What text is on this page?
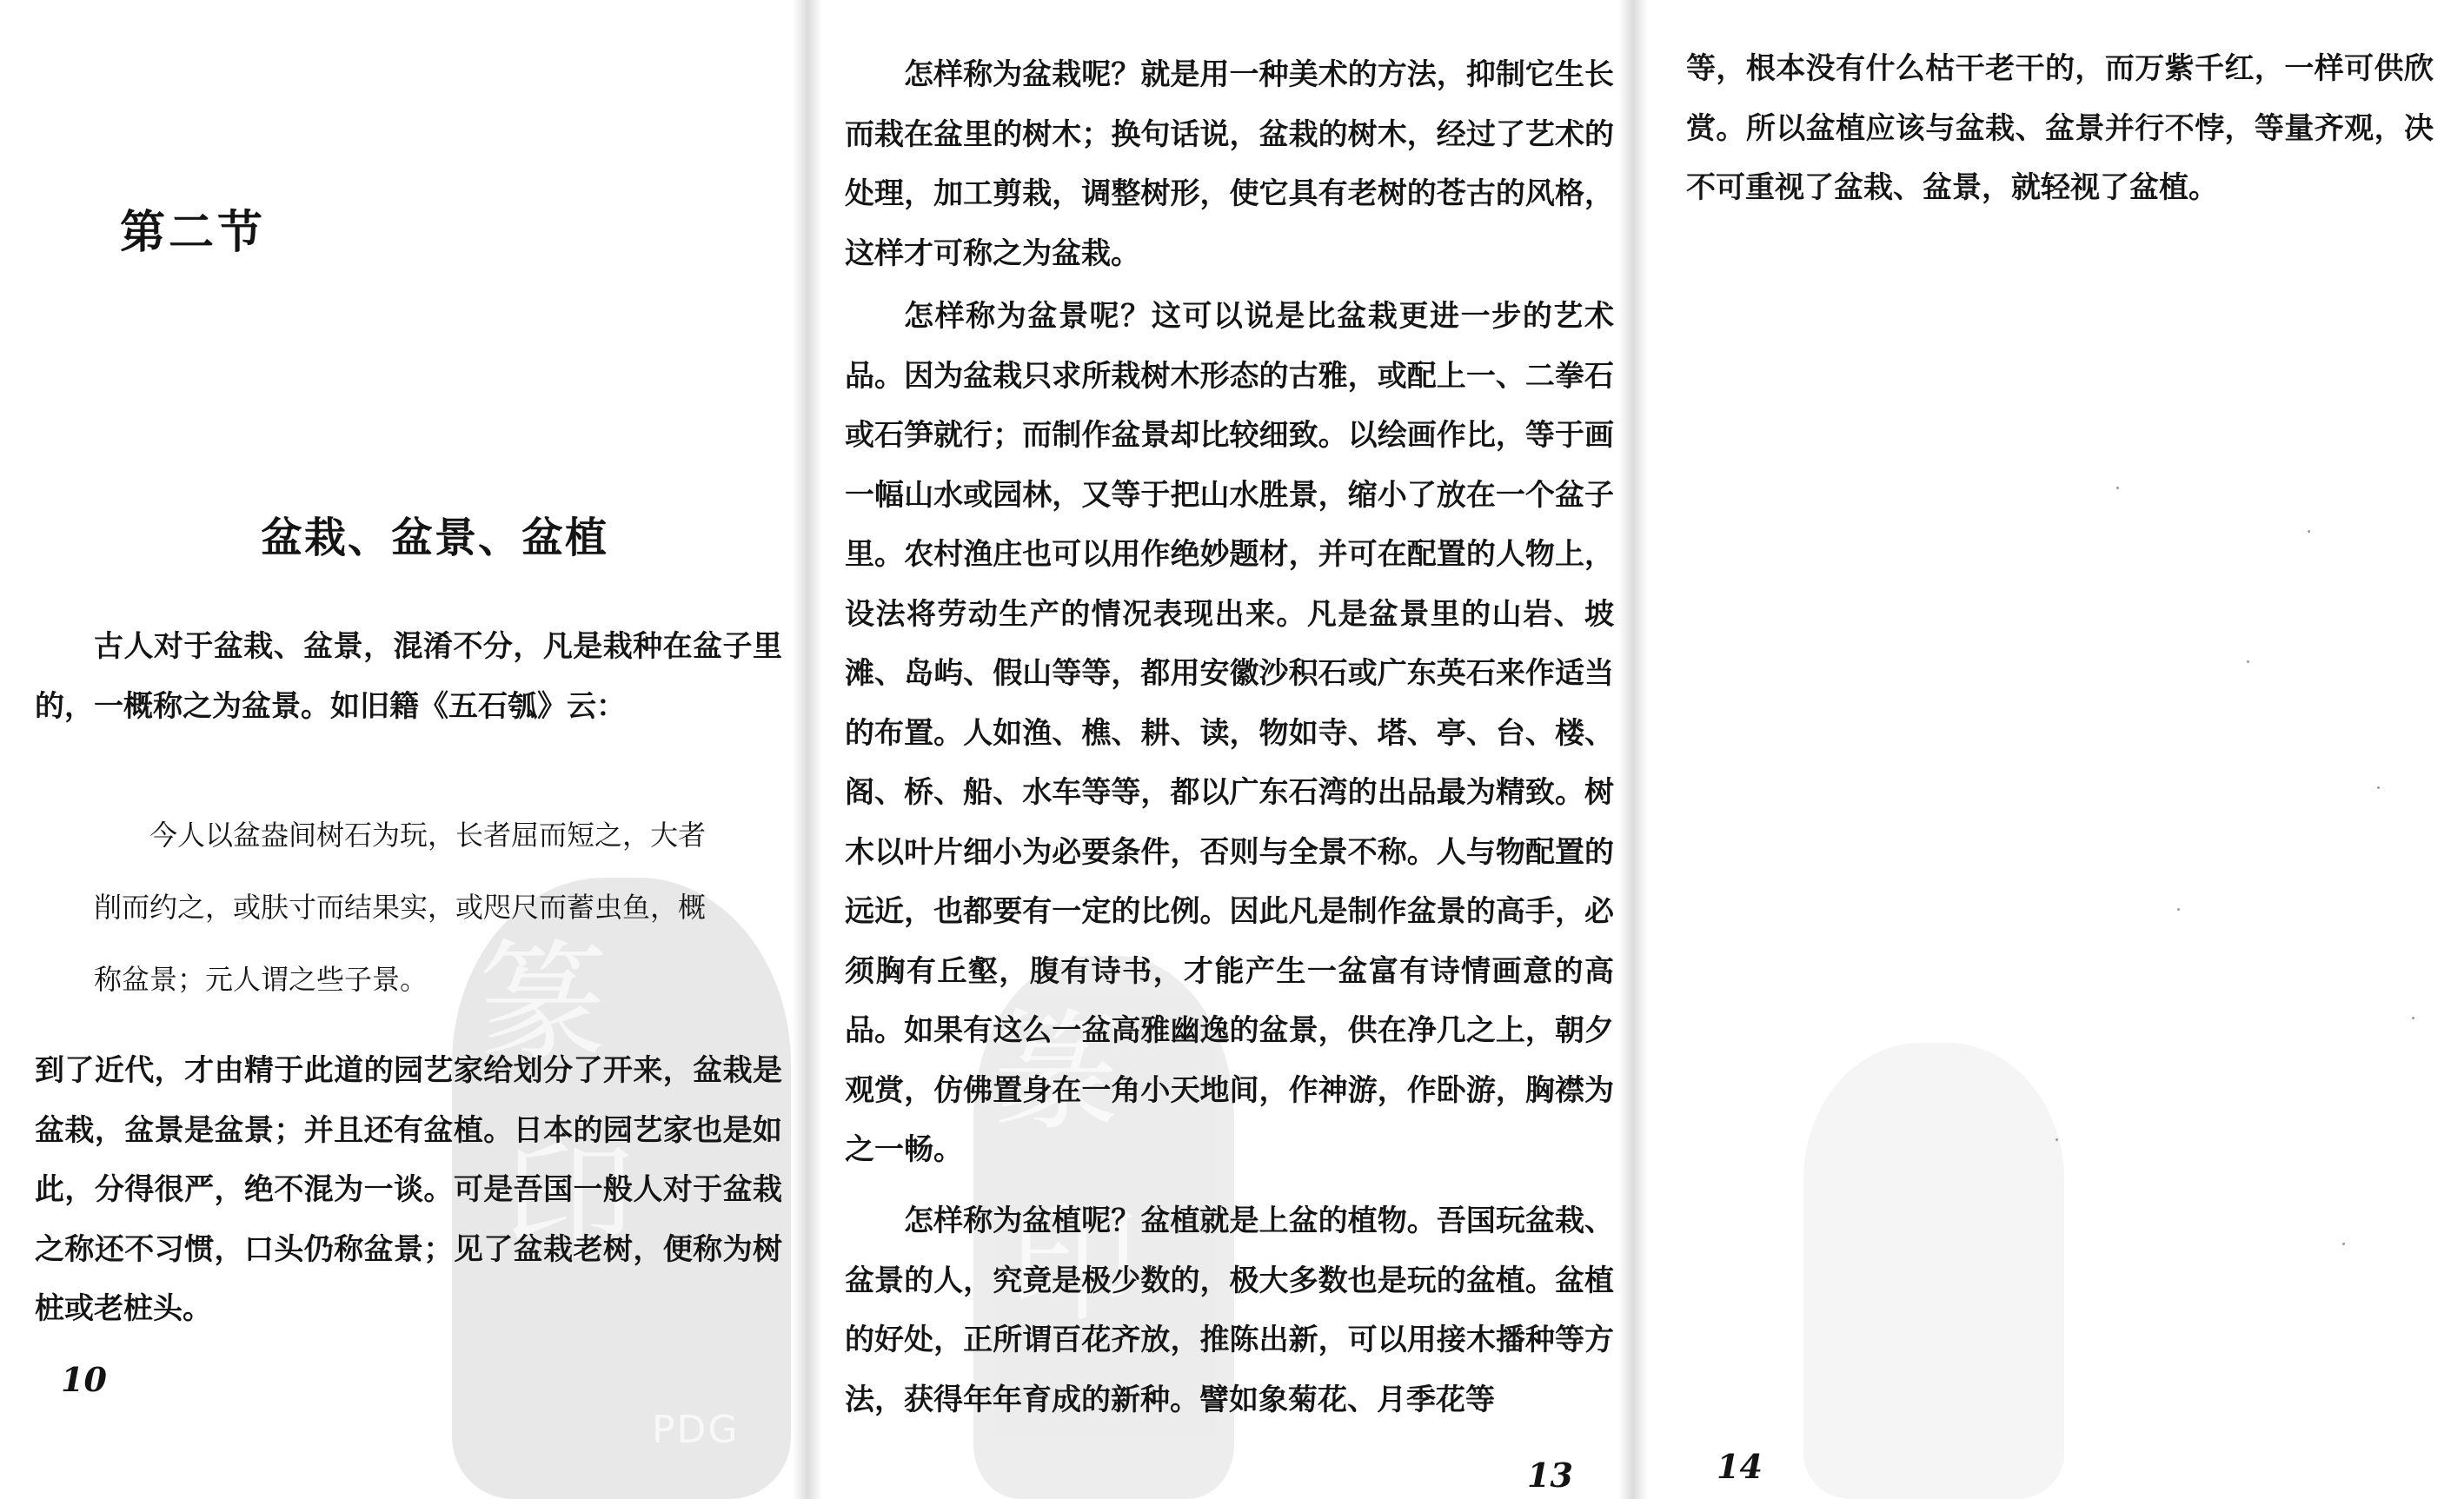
篆
印
PDG
第二节
盆栽、盆景、盆植

古人对于盆栽、盆景，混淆不分，凡是栽种在盆子里的，一概称之为盆景。如旧籍《五石瓠》云：

今人以盆盎间树石为玩，长者屈而短之，大者削而约之，或肤寸而结果实，或咫尺而蓄虫鱼，概称盆景；元人谓之些子景。

到了近代，才由精于此道的园艺家给划分了开来，盆栽是盆栽，盆景是盆景；并且还有盆植。日本的园艺家也是如此，分得很严，绝不混为一谈。可是吾国一般人对于盆栽之称还不习惯，口头仍称盆景；见了盆栽老树，便称为树桩或老桩头。

10
篆
印

怎样称为盆栽呢？就是用一种美术的方法，抑制它生长而栽在盆里的树木；换句话说，盆栽的树木，经过了艺术的处理，加工剪栽，调整树形，使它具有老树的苍古的风格，这样才可称之为盆栽。

怎样称为盆景呢？这可以说是比盆栽更进一步的艺术品。因为盆栽只求所栽树木形态的古雅，或配上一、二拳石或石笋就行；而制作盆景却比较细致。以绘画作比，等于画一幅山水或园林，又等于把山水胜景，缩小了放在一个盆子里。农村渔庄也可以用作绝妙题材，并可在配置的人物上，设法将劳动生产的情况表现出来。凡是盆景里的山岩、坡滩、岛屿、假山等等，都用安徽沙积石或广东英石来作适当的布置。人如渔、樵、耕、读，物如寺、塔、亭、台、楼、阁、桥、船、水车等等，都以广东石湾的出品最为精致。树木以叶片细小为必要条件，否则与全景不称。人与物配置的远近，也都要有一定的比例。因此凡是制作盆景的高手，必须胸有丘壑，腹有诗书，才能产生一盆富有诗情画意的高品。如果有这么一盆高雅幽逸的盆景，供在净几之上，朝夕观赏，仿佛置身在一角小天地间，作神游，作卧游，胸襟为之一畅。

怎样称为盆植呢？盆植就是上盆的植物。吾国玩盆栽、盆景的人，究竟是极少数的，极大多数也是玩的盆植。盆植的好处，正所谓百花齐放，推陈出新，可以用接木播种等方法，获得年年育成的新种。譬如象菊花、月季花等

13

等，根本没有什么枯干老干的，而万紫千红，一样可供欣赏。所以盆植应该与盆栽、盆景并行不悖，等量齐观，决不可重视了盆栽、盆景，就轻视了盆植。

14
